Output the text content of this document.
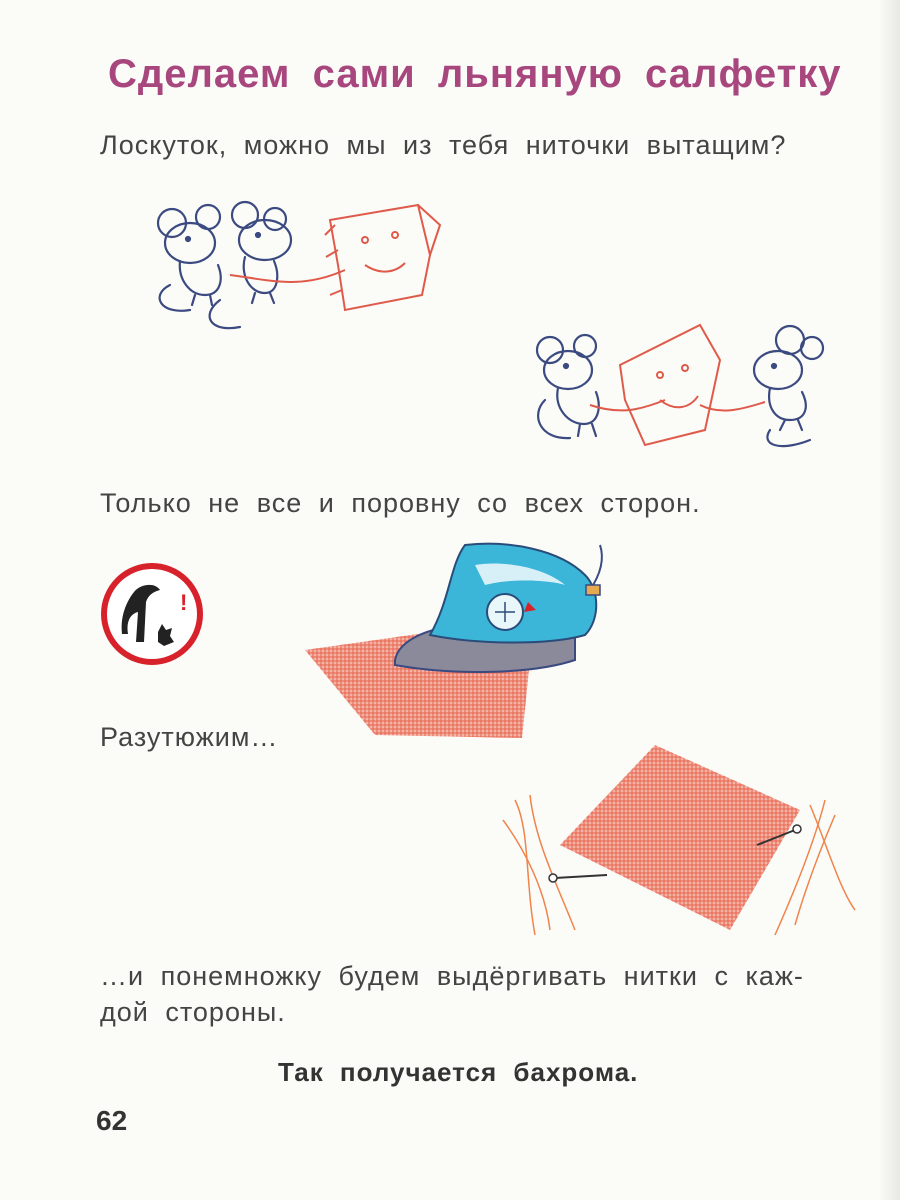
Сделаем сами льняную салфетку
Лоскуток, можно мы из тебя ниточки вытащим?
Только не все и поровну со всех сторон.
!
Разутюжим…
…и понемножку будем выдёргивать нитки с каж-
дой стороны.
Так получается бахрома.
62
